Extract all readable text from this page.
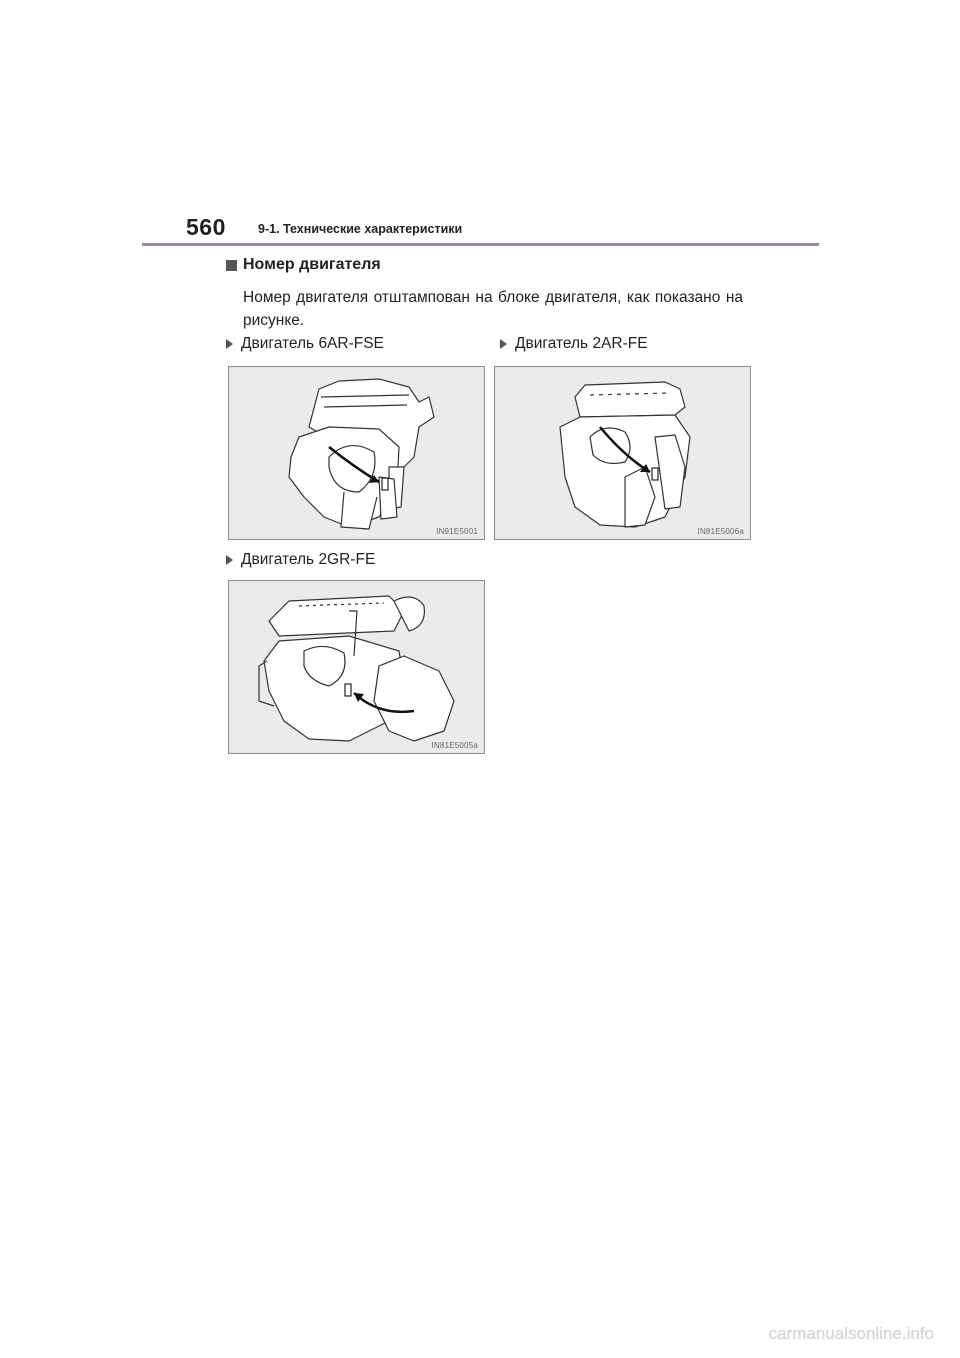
560	9-1. Технические характеристики
Номер двигателя
Номер двигателя отштампован на блоке двигателя, как показано на рисунке.
Двигатель 6AR-FSE
IN91E5001
Двигатель 2AR-FE
IN81E5006a
Двигатель 2GR-FE
IN81E5005a
carmanualsonline.info
